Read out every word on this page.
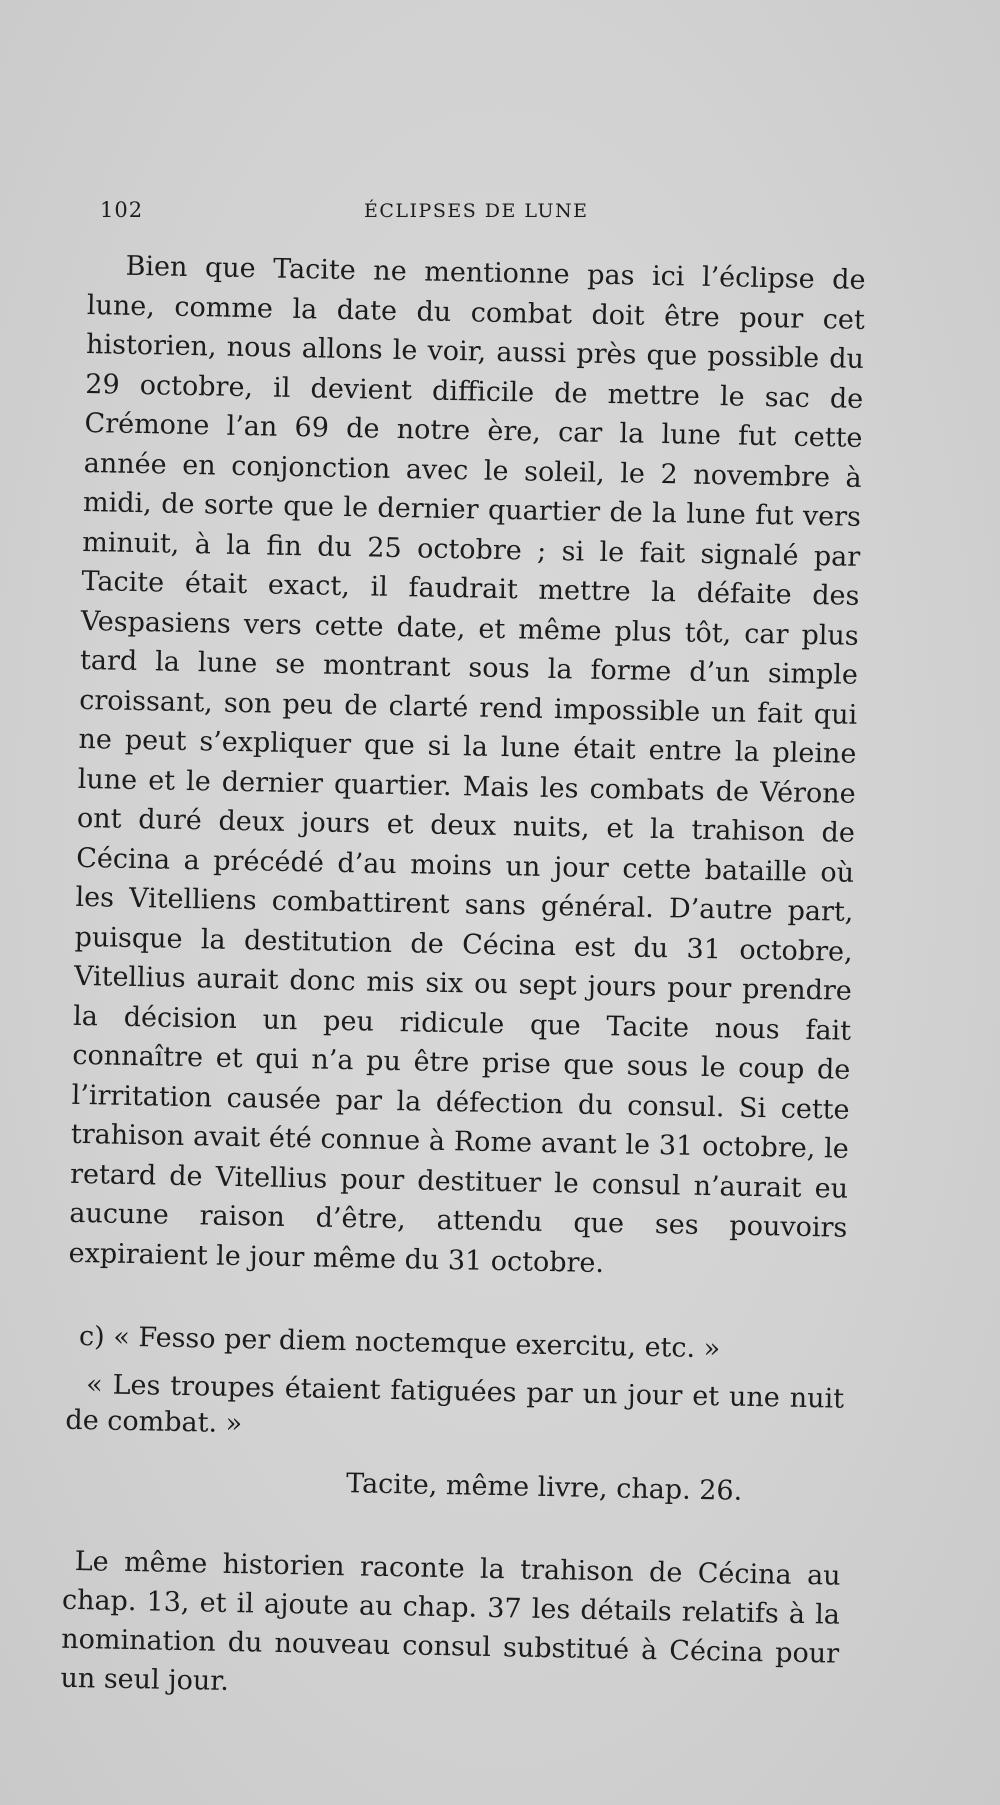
102	ÉCLIPSES DE LUNE

Bien que Tacite ne mentionne pas ici l’éclipse de lune, comme la date du combat doit être pour cet historien, nous allons le voir, aussi près que possible du 29 octobre, il devient difficile de mettre le sac de Crémone l’an 69 de notre ère, car la lune fut cette année en conjonction avec le soleil, le 2 novembre à midi, de sorte que le dernier quartier de la lune fut vers minuit, à la fin du 25 octobre ; si le fait signalé par Tacite était exact, il faudrait mettre la défaite des Vespasiens vers cette date, et même plus tôt, car plus tard la lune se montrant sous la forme d’un simple croissant, son peu de clarté rend impossible un fait qui ne peut s’expliquer que si la lune était entre la pleine lune et le dernier quartier. Mais les combats de Vérone ont duré deux jours et deux nuits, et la trahison de Cécina a précédé d’au moins un jour cette bataille où les Vitelliens combattirent sans général. D’autre part, puisque la destitution de Cécina est du 31 octobre, Vitellius aurait donc mis six ou sept jours pour prendre la décision un peu ridicule que Tacite nous fait connaître et qui n’a pu être prise que sous le coup de l’irritation causée par la défection du consul. Si cette trahison avait été connue à Rome avant le 31 octobre, le retard de Vitellius pour destituer le consul n’aurait eu aucune raison d’être, attendu que ses pouvoirs expiraient le jour même du 31 octobre.

c) « Fesso per diem noctemque exercitu, etc. »

« Les troupes étaient fatiguées par un jour et une nuit de combat. »

Tacite, même livre, chap. 26.

Le même historien raconte la trahison de Cécina au chap. 13, et il ajoute au chap. 37 les détails relatifs à la nomination du nouveau consul substitué à Cécina pour un seul jour.
